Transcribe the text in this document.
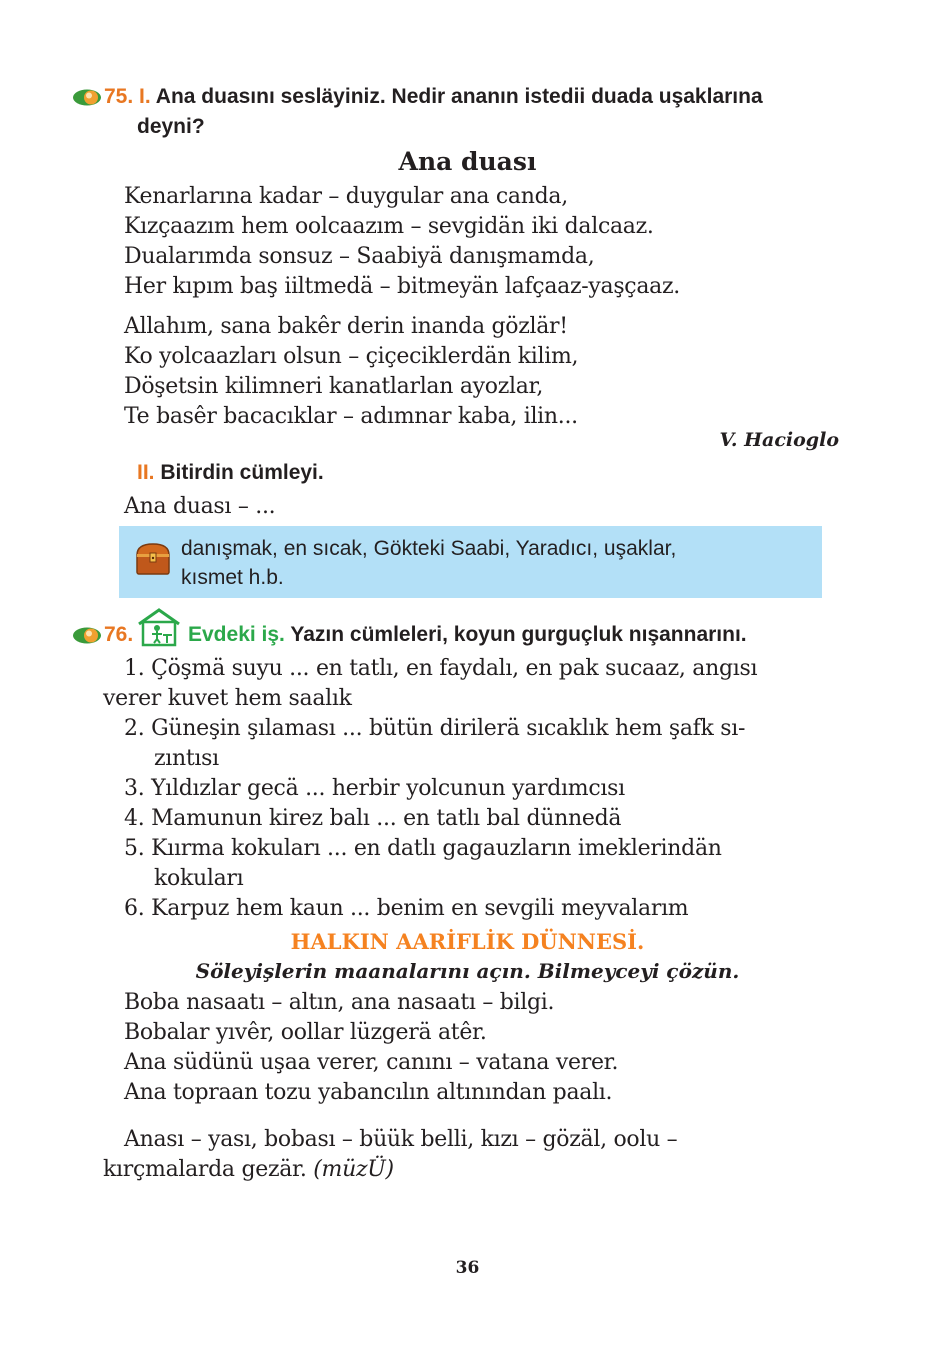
75. I. Ana duasını sesläyiniz. Nedir ananın istedii duada uşaklarına
deyni?
Ana duası
Kenarlarına kadar – duygular ana canda,
Kızçaazım hem oolcaazım – sevgidän iki dalcaaz.
Dualarımda sonsuz – Saabiyä danışmamda,
Her kıpım baş iiltmedä – bitmeyän lafçaaz-yaşçaaz.
Allahım, sana bakêr derin inanda gözlär!
Ko yolcaazları olsun – çiçeciklerdän kilim,
Döşetsin kilimneri kanatlarlan ayozlar,
Te basêr bacacıklar – adımnar kaba, ilin...
V. Hacioglo
II. Bitirdin cümleyi.
Ana duası – ...
danışmak, en sıcak, Gökteki Saabi, Yaradıcı, uşaklar,
kısmet h.b.
76.	Evdeki iş. Yazın cümleleri, koyun gurguçluk nışannarını.
1. Çöşmä suyu ... en tatlı, en faydalı, en pak sucaaz, angısı
verer kuvet hem saalık
2. Güneşin şılaması ... bütün dirilerä sıcaklık hem şafk sı-
zıntısı
3. Yıldızlar gecä ... herbir yolcunun yardımcısı
4. Mamunun kirez balı ... en tatlı bal dünnedä
5. Kıırma kokuları ... en datlı gagauzların imeklerindän
kokuları
6. Karpuz hem kaun ... benim en sevgili meyvalarım
HALKIN AARİFLİK DÜNNESİ.
Söleyişlerin maanalarını açın. Bilmeyceyi çözün.
Boba nasaatı – altın, ana nasaatı – bilgi.
Bobalar yıvêr, oollar lüzgerä atêr.
Ana südünü uşaa verer, canını – vatana verer.
Ana topraan tozu yabancılın altınından paalı.
Anası – yası, bobası – büük belli, kızı – gözäl, oolu –
kırçmalarda gezär. (müzÜ)
36
